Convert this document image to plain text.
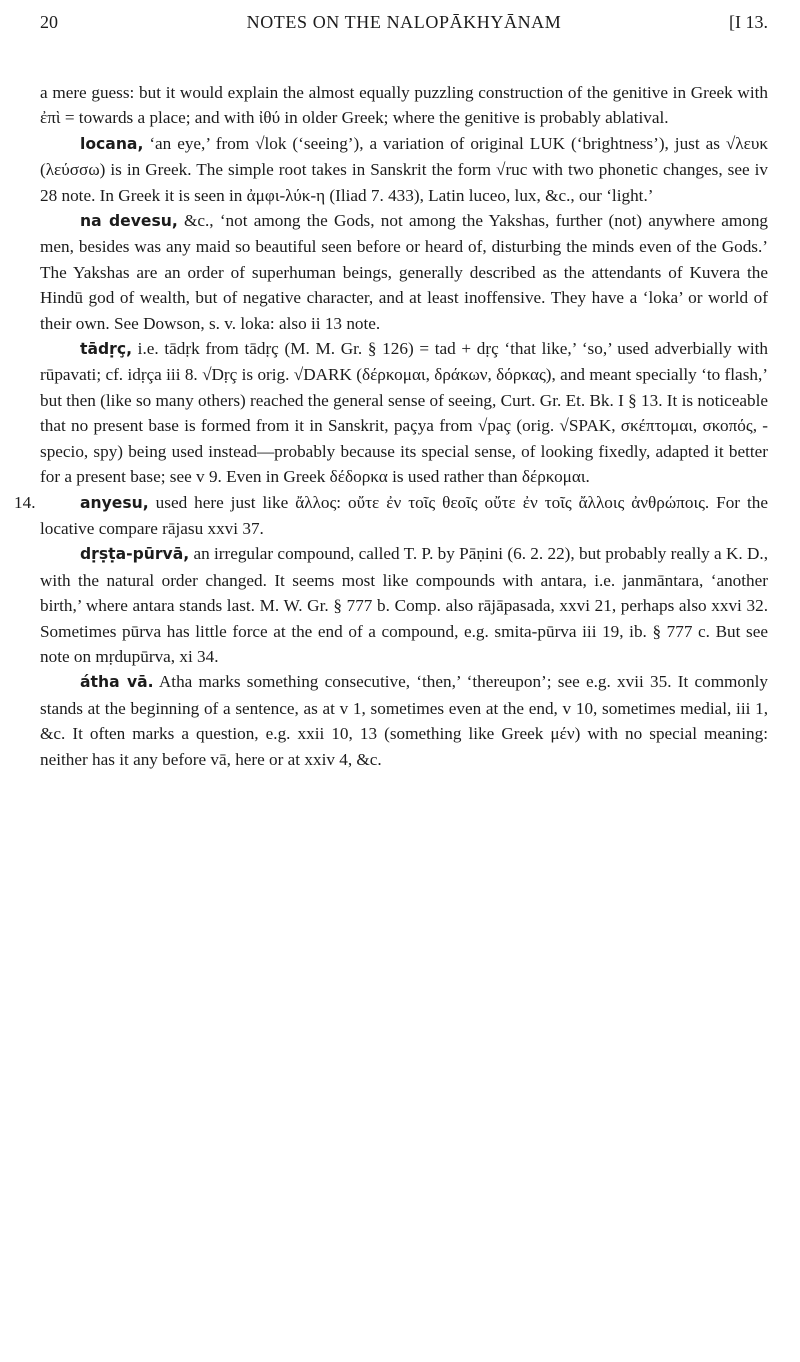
20	NOTES ON THE NALOPĀKHYĀNAM	[I 13.

a mere guess: but it would explain the almost equally puzzling construction of the genitive in Greek with ἐπὶ = towards a place; and with ἰθύ in older Greek; where the genitive is probably ablatival.

locana, ‘an eye,’ from √lok (‘seeing’), a variation of original LUK (‘brightness’), just as √λευκ (λεύσσω) is in Greek. The simple root takes in Sanskrit the form √ruc with two phonetic changes, see iv 28 note. In Greek it is seen in ἀμφι-λύκ-η (Iliad 7. 433), Latin luceo, lux, &c., our ‘light.’

na devesu, &c., ‘not among the Gods, not among the Yakshas, further (not) anywhere among men, besides was any maid so beautiful seen before or heard of, disturbing the minds even of the Gods.’ The Yakshas are an order of superhuman beings, generally described as the attendants of Kuvera the Hindū god of wealth, but of negative character, and at least inoffensive. They have a ‘loka’ or world of their own. See Dowson, s. v. loka: also ii 13 note.

tādṛç, i.e. tādṛk from tādṛç (M. M. Gr. § 126) = tad + dṛç ‘that like,’ ‘so,’ used adverbially with rūpavati; cf. idṛça iii 8. √Dṛç is orig. √DARK (δέρκομαι, δράκων, δόρκας), and meant specially ‘to flash,’ but then (like so many others) reached the general sense of seeing, Curt. Gr. Et. Bk. I § 13. It is noticeable that no present base is formed from it in Sanskrit, paçya from √paç (orig. √SPAK, σκέπτομαι, σκοπός, -specio, spy) being used instead—probably because its special sense, of looking fixedly, adapted it better for a present base; see v 9. Even in Greek δέδορκα is used rather than δέρκομαι.

14.	anyesu, used here just like ἄλλος: οὔτε ἐν τοῖς θεοῖς οὔτε ἐν τοῖς ἄλλοις ἀνθρώποις. For the locative compare rājasu xxvi 37.

dṛṣṭa-pūrvā, an irregular compound, called T. P. by Pāṇini (6. 2. 22), but probably really a K. D., with the natural order changed. It seems most like compounds with antara, i.e. janmāntara, ‘another birth,’ where antara stands last. M. W. Gr. § 777 b. Comp. also rājāpasada, xxvi 21, perhaps also xxvi 32. Sometimes pūrva has little force at the end of a compound, e.g. smita-pūrva iii 19, ib. § 777 c. But see note on mṛdupūrva, xi 34.

átha vā. Atha marks something consecutive, ‘then,’ ‘thereupon’; see e.g. xvii 35. It commonly stands at the beginning of a sentence, as at v 1, sometimes even at the end, v 10, sometimes medial, iii 1, &c. It often marks a question, e.g. xxii 10, 13 (something like Greek μέν) with no special meaning: neither has it any before vā, here or at xxiv 4, &c.
